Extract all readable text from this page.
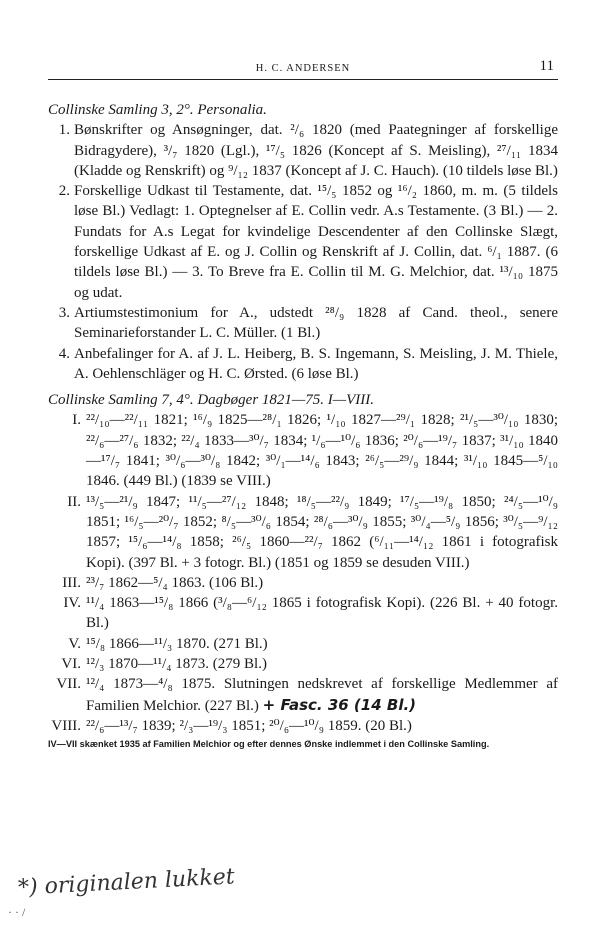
H. C. ANDERSEN	11
Collinske Samling 3, 2°. Personalia.
1. Bønskrifter og Ansøgninger, dat. ²/₆ 1820 (med Paategninger af forskellige Bidragydere), ³/₇ 1820 (Lgl.), ¹⁷/₅ 1826 (Koncept af S. Meisling), ²⁷/₁₁ 1834 (Kladde og Renskrift) og ⁹/₁₂ 1837 (Koncept af J. C. Hauch). (10 tildels løse Bl.)
2. Forskellige Udkast til Testamente, dat. ¹⁵/₅ 1852 og ¹⁶/₂ 1860, m. m. (5 tildels løse Bl.) Vedlagt: 1. Optegnelser af E. Collin vedr. A.s Testamente. (3 Bl.) — 2. Fundats for A.s Legat for kvindelige Descendenter af den Collinske Slægt, forskellige Udkast af E. og J. Collin og Renskrift af J. Collin, dat. ⁶/₁ 1887. (6 tildels løse Bl.) — 3. To Breve fra E. Collin til M. G. Melchior, dat. ¹³/₁₀ 1875 og udat.
3. Artiumstestimonium for A., udstedt ²⁸/₉ 1828 af Cand. theol., senere Seminarieforstander L. C. Müller. (1 Bl.)
4. Anbefalinger for A. af J. L. Heiberg, B. S. Ingemann, S. Meisling, J. M. Thiele, A. Oehlenschläger og H. C. Ørsted. (6 løse Bl.)
Collinske Samling 7, 4°. Dagbøger 1821—75. I—VIII.
I. ²²/₁₀—²²/₁₁ 1821; ¹⁶/₉ 1825—²⁸/₁ 1826; ¹/₁₀ 1827—²⁹/₁ 1828; ²¹/₅—³⁰/₁₀ 1830; ²²/₆—²⁷/₆ 1832; ²²/₄ 1833—³⁰/₇ 1834; ¹/₆—¹⁰/₆ 1836; ²⁰/₆—¹⁹/₇ 1837; ³¹/₁₀ 1840—¹⁷/₇ 1841; ³⁰/₆—³⁰/₈ 1842; ³⁰/₁—¹⁴/₆ 1843; ²⁶/₅—²⁹/₉ 1844; ³¹/₁₀ 1845—⁵/₁₀ 1846. (449 Bl.) (1839 se VIII.)
II. ¹³/₅—²¹/₉ 1847; ¹¹/₅—²⁷/₁₂ 1848; ¹⁸/₅—²²/₉ 1849; ¹⁷/₅—¹⁹/₈ 1850; ²⁴/₅—¹⁰/₉ 1851; ¹⁶/₅—²⁰/₇ 1852; ⁸/₅—³⁰/₆ 1854; ²⁸/₆—³⁰/₉ 1855; ³⁰/₄—⁵/₉ 1856; ³⁰/₅—⁹/₁₂ 1857; ¹⁵/₆—¹⁴/₈ 1858; ²⁶/₅ 1860—²²/₇ 1862 (⁶/₁₁—¹⁴/₁₂ 1861 i fotografisk Kopi). (397 Bl. + 3 fotogr. Bl.) (1851 og 1859 se desuden VIII.)
III. ²³/₇ 1862—⁵/₄ 1863. (106 Bl.)
IV. ¹¹/₄ 1863—¹⁵/₈ 1866 (³/₈—⁶/₁₂ 1865 i fotografisk Kopi). (226 Bl. + 40 fotogr. Bl.)
V. ¹⁵/₈ 1866—¹¹/₃ 1870. (271 Bl.)
VI. ¹²/₃ 1870—¹¹/₄ 1873. (279 Bl.)
VII. ¹²/₄ 1873—⁴/₈ 1875. Slutningen nedskrevet af forskellige Medlemmer af Familien Melchior. (227 Bl.) + Fasc. 36 (14 Bl.)
VIII. ²²/₆—¹³/₇ 1839; ²/₃—¹⁹/₃ 1851; ²⁰/₆—¹⁰/₉ 1859. (20 Bl.)
IV—VII skænket 1935 af Familien Melchior og efter dennes Ønske indlemmet i den Collinske Samling.
*) originalen lukket
· · /
